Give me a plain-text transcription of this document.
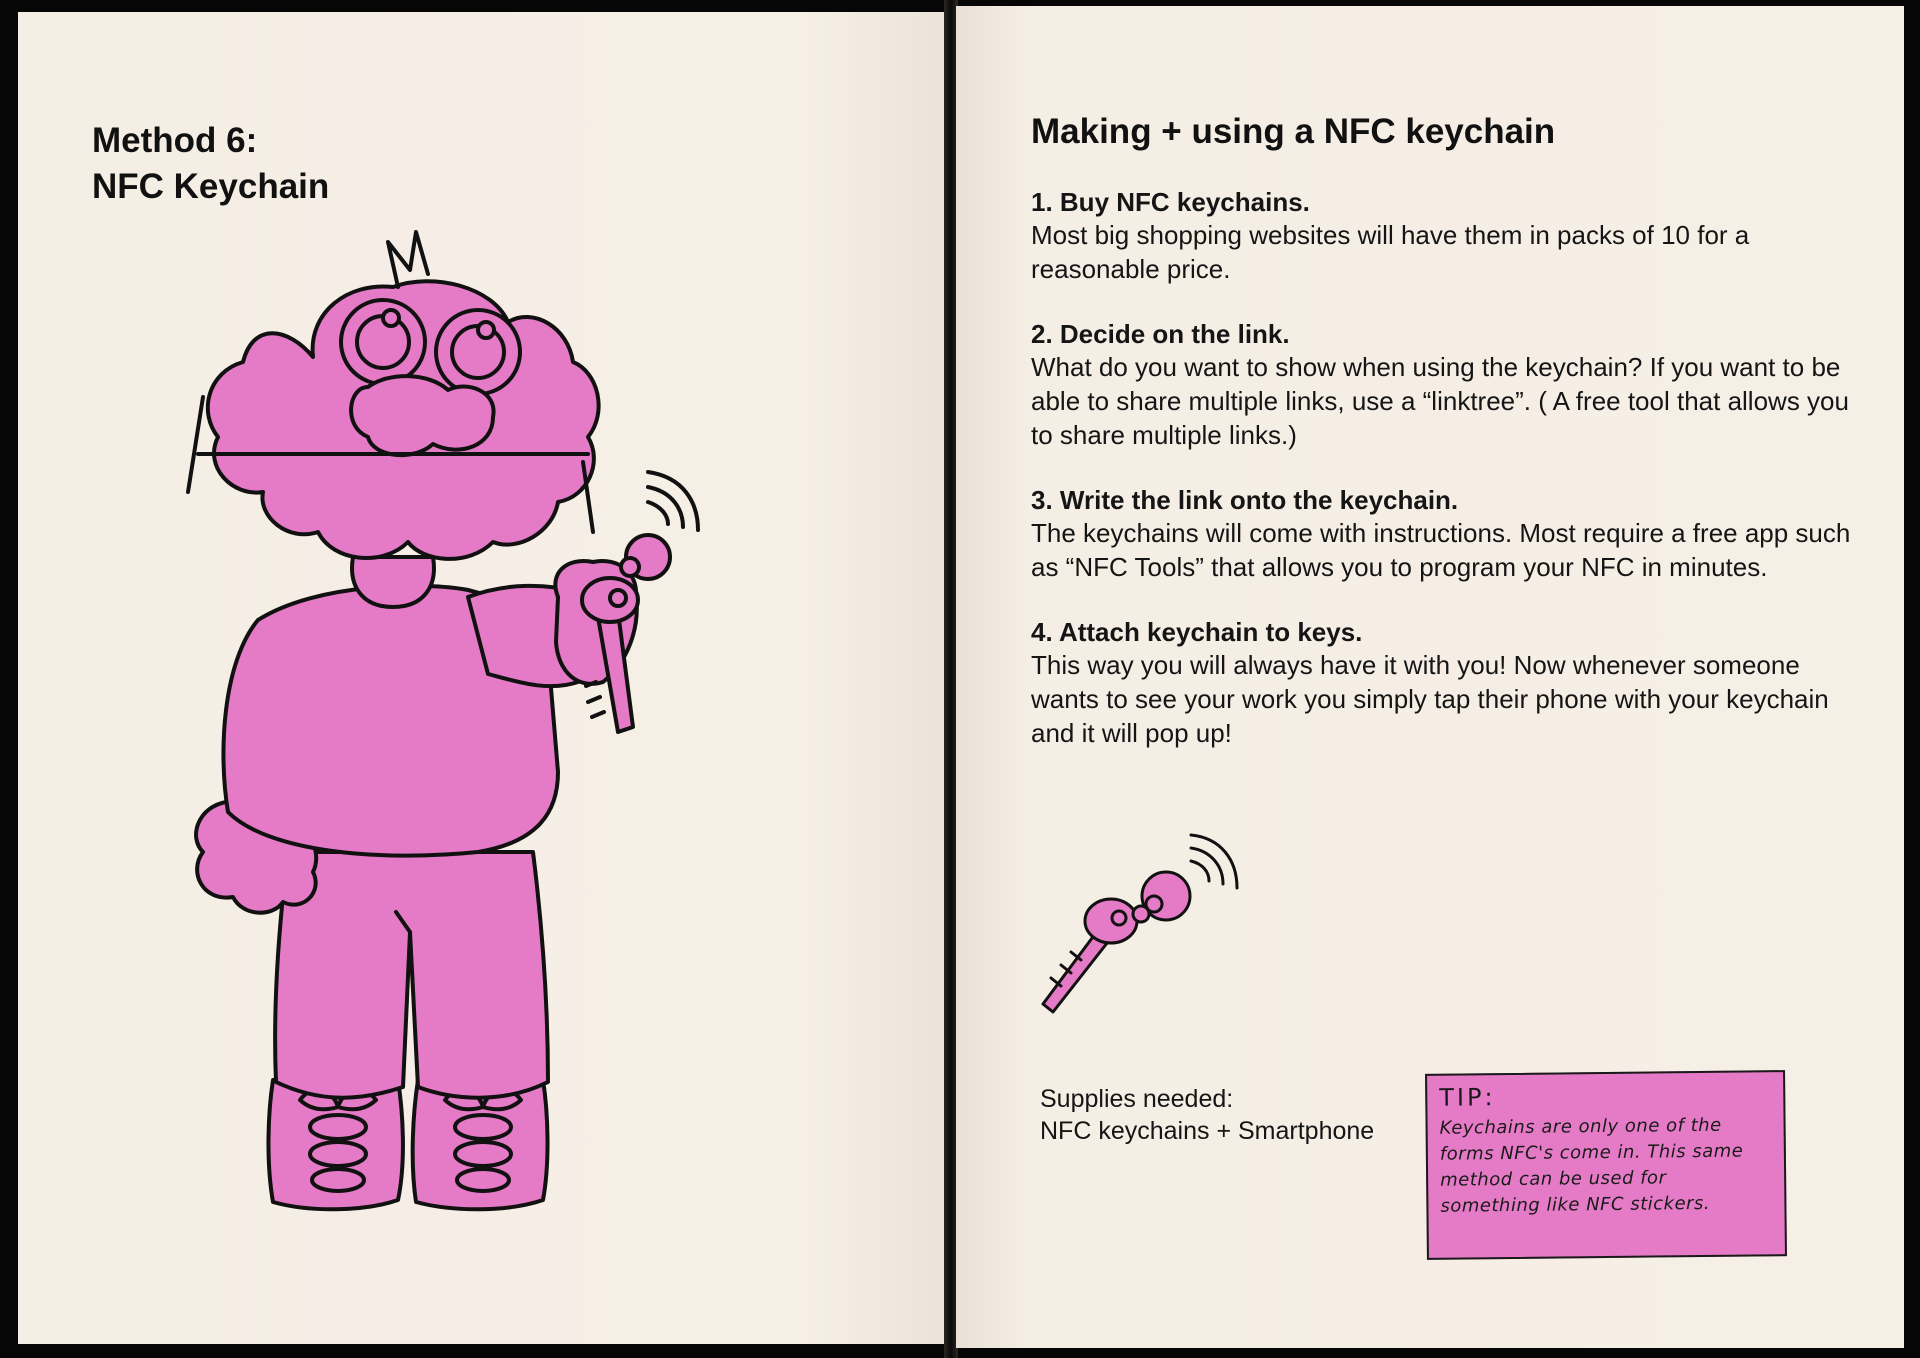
Method 6:
NFC Keychain
Making + using a NFC keychain
1. Buy NFC keychains.
Most big shopping websites will have them in packs of 10 for a reasonable price.
2. Decide on the link.
What do you want to show when using the keychain? If you want to be able to share multiple links, use a “linktree”. ( A free tool that allows you to share multiple links.)
3. Write the link onto the keychain.
The keychains will come with instructions. Most require a free app such as “NFC Tools” that allows you to program your NFC in minutes.
4. Attach keychain to keys.
This way you will always have it with you! Now whenever someone wants to see your work you simply tap their phone with your keychain and it will pop up!
Supplies needed:
NFC keychains + Smartphone
TIP:
Keychains are only one of the forms NFC's come in. This same method can be used for something like NFC stickers.
